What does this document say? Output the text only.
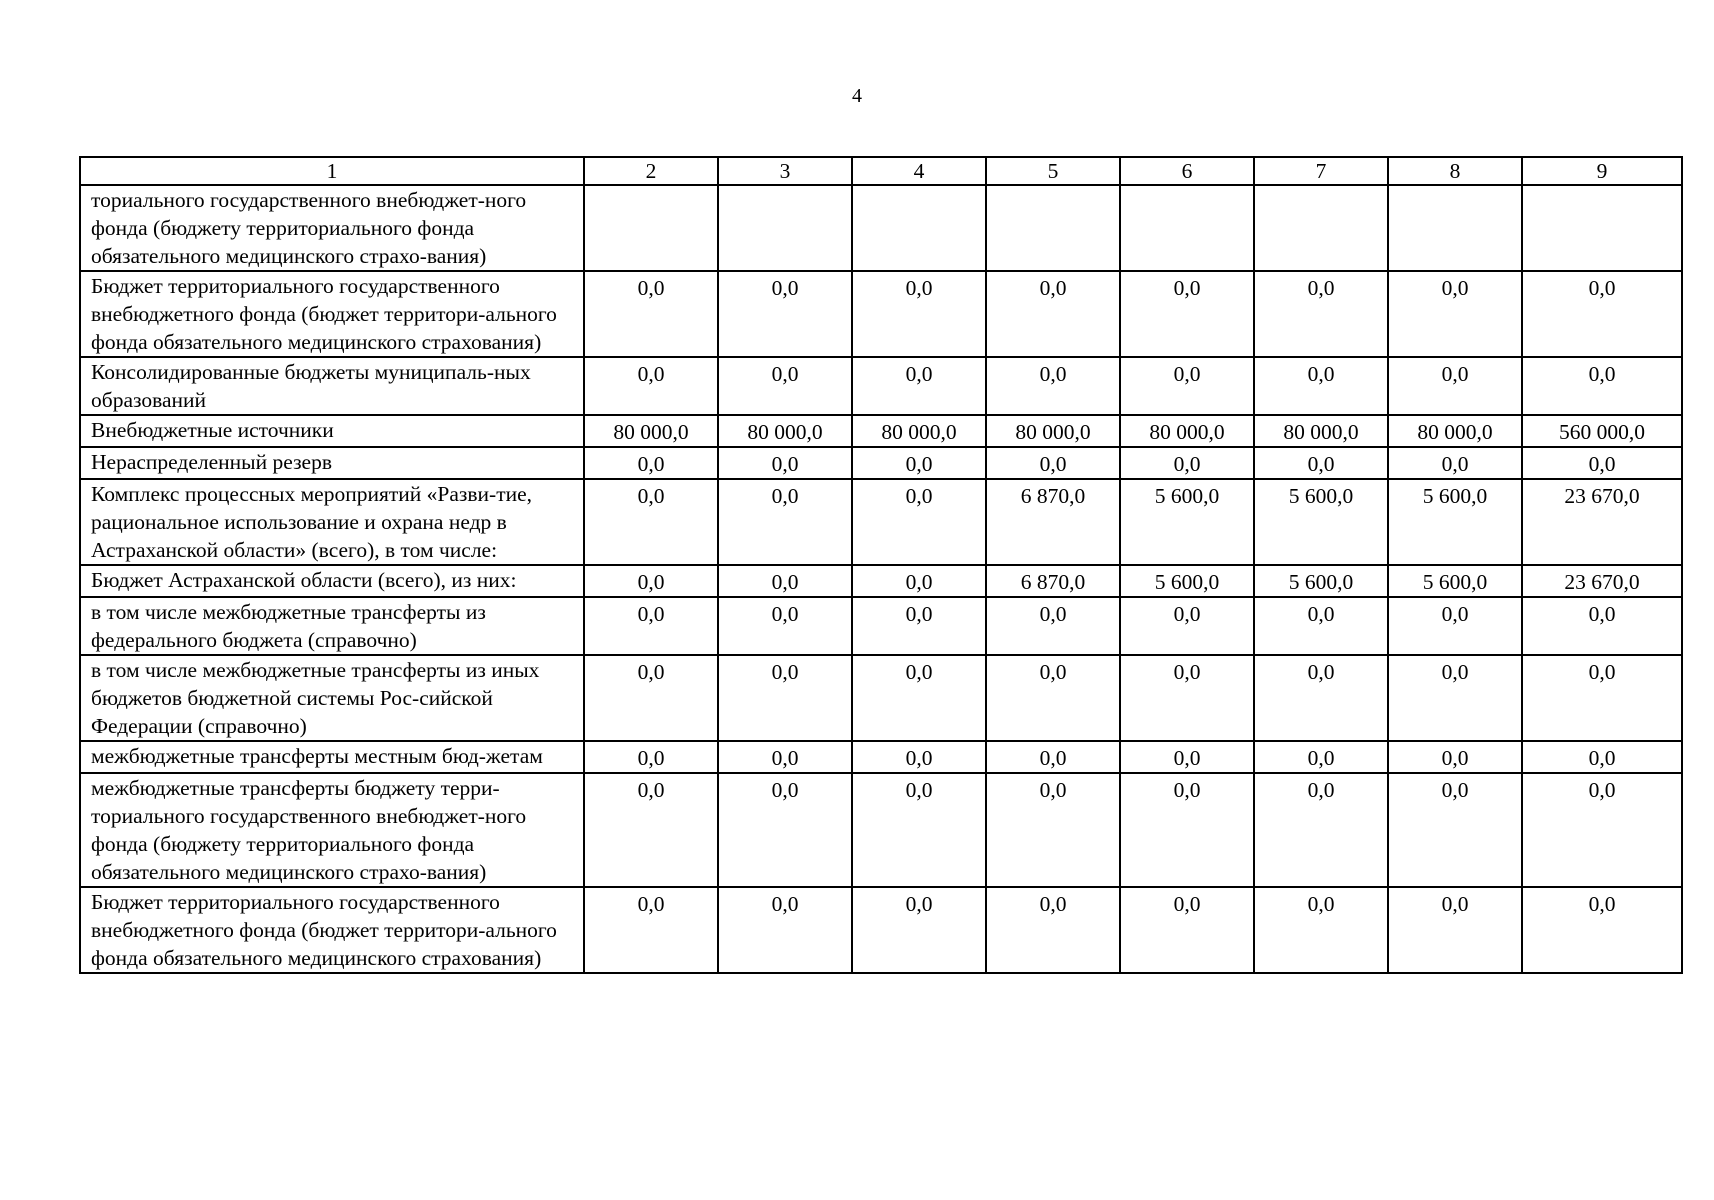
4
1	2	3	4	5	6	7	8	9
ториального государственного внебюджет-ного фонда (бюджету территориального фонда обязательного медицинского страхо-вания)								
Бюджет территориального государственного внебюджетного фонда (бюджет территори-ального фонда обязательного медицинского страхования)	0,0	0,0	0,0	0,0	0,0	0,0	0,0	0,0
Консолидированные бюджеты муниципаль-ных образований	0,0	0,0	0,0	0,0	0,0	0,0	0,0	0,0
Внебюджетные источники	80 000,0	80 000,0	80 000,0	80 000,0	80 000,0	80 000,0	80 000,0	560 000,0
Нераспределенный резерв	0,0	0,0	0,0	0,0	0,0	0,0	0,0	0,0
Комплекс процессных мероприятий «Разви-тие, рациональное использование и охрана недр в Астраханской области» (всего), в том числе:	0,0	0,0	0,0	6 870,0	5 600,0	5 600,0	5 600,0	23 670,0
Бюджет Астраханской области (всего), из них:	0,0	0,0	0,0	6 870,0	5 600,0	5 600,0	5 600,0	23 670,0
в том числе межбюджетные трансферты из федерального бюджета (справочно)	0,0	0,0	0,0	0,0	0,0	0,0	0,0	0,0
в том числе межбюджетные трансферты из иных бюджетов бюджетной системы Рос-сийской Федерации (справочно)	0,0	0,0	0,0	0,0	0,0	0,0	0,0	0,0
межбюджетные трансферты местным бюд-жетам	0,0	0,0	0,0	0,0	0,0	0,0	0,0	0,0
межбюджетные трансферты бюджету терри-ториального государственного внебюджет-ного фонда (бюджету территориального фонда обязательного медицинского страхо-вания)	0,0	0,0	0,0	0,0	0,0	0,0	0,0	0,0
Бюджет территориального государственного внебюджетного фонда (бюджет территори-ального фонда обязательного медицинского страхования)	0,0	0,0	0,0	0,0	0,0	0,0	0,0	0,0
